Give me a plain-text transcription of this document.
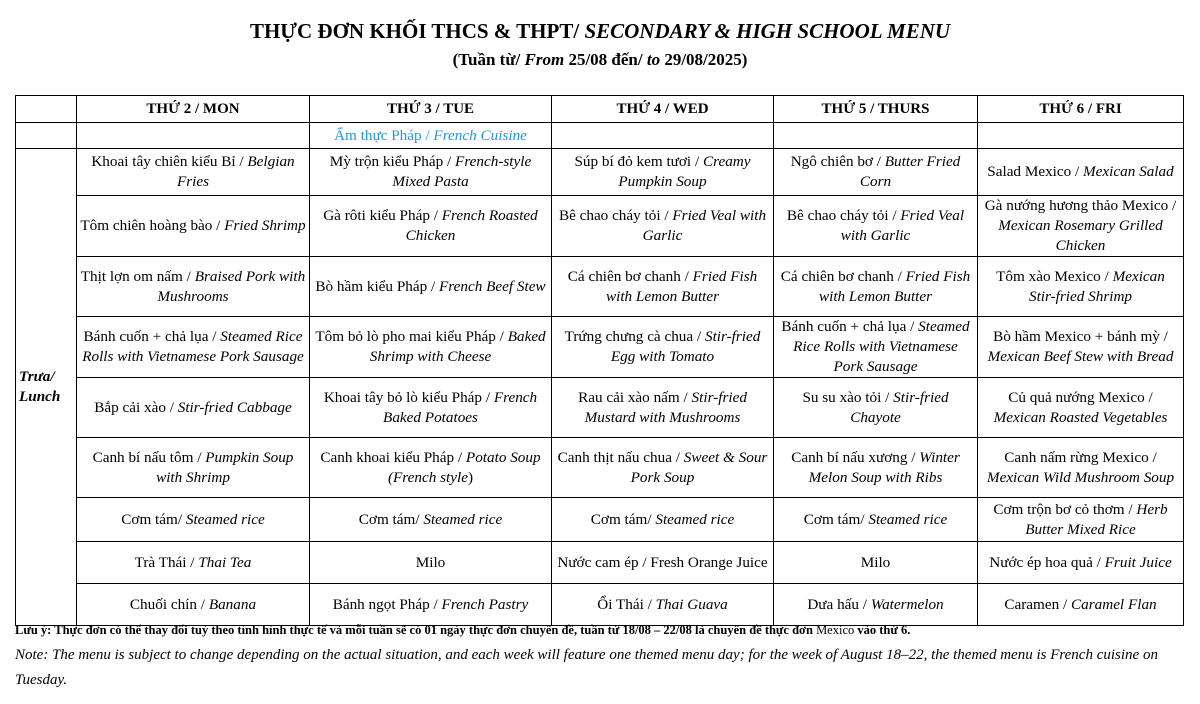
THỰC ĐƠN KHỐI THCS & THPT/ SECONDARY & HIGH SCHOOL MENU
(Tuần từ/ From 25/08 đến/ to 29/08/2025)
	THỨ 2 / MON	THỨ 3 / TUE	THỨ 4 / WED	THỨ 5 / THURS	THỨ 6 / FRI
		Ẩm thực Pháp / French Cuisine			

Trưa/
Lunch	Khoai tây chiên kiểu Bỉ / Belgian Fries	Mỳ trộn kiểu Pháp / French-style Mixed Pasta	Súp bí đỏ kem tươi / Creamy Pumpkin Soup	Ngô chiên bơ / Butter Fried Corn	Salad Mexico / Mexican Salad
	Tôm chiên hoàng bào / Fried Shrimp	Gà rôti kiểu Pháp / French Roasted Chicken	Bê chao cháy tỏi / Fried Veal with Garlic	Bê chao cháy tỏi / Fried Veal with Garlic	Gà nướng hương thảo Mexico / Mexican Rosemary Grilled Chicken
	Thịt lợn om nấm / Braised Pork with Mushrooms	Bò hầm kiểu Pháp / French Beef Stew	Cá chiên bơ chanh / Fried Fish with Lemon Butter	Cá chiên bơ chanh / Fried Fish with Lemon Butter	Tôm xào Mexico / Mexican Stir-fried Shrimp
	Bánh cuốn + chả lụa / Steamed Rice Rolls with Vietnamese Pork Sausage	Tôm bỏ lò pho mai kiểu Pháp / Baked Shrimp with Cheese	Trứng chưng cà chua / Stir-fried Egg with Tomato	Bánh cuốn + chả lụa / Steamed Rice Rolls with Vietnamese Pork Sausage	Bò hầm Mexico + bánh mỳ / Mexican Beef Stew with Bread
	Bắp cải xào / Stir-fried Cabbage	Khoai tây bỏ lò kiểu Pháp / French Baked Potatoes	Rau cải xào nấm / Stir-fried Mustard with Mushrooms	Su su xào tỏi / Stir-fried Chayote	Củ quả nướng Mexico / Mexican Roasted Vegetables
	Canh bí nấu tôm / Pumpkin Soup with Shrimp	Canh khoai kiểu Pháp / Potato Soup (French style)	Canh thịt nấu chua / Sweet & Sour Pork Soup	Canh bí nấu xương / Winter Melon Soup with Ribs	Canh nấm rừng Mexico / Mexican Wild Mushroom Soup
	Cơm tám/ Steamed rice	Cơm tám/ Steamed rice	Cơm tám/ Steamed rice	Cơm tám/ Steamed rice	Cơm trộn bơ cỏ thơm / Herb Butter Mixed Rice
	Trà Thái / Thai Tea	Milo	Nước cam ép / Fresh Orange Juice	Milo	Nước ép hoa quả / Fruit Juice
	Chuối chín / Banana	Bánh ngọt Pháp / French Pastry	Ổi Thái / Thai Guava	Dưa hấu / Watermelon	Caramen / Caramel Flan
Lưu ý: Thực đơn có thể thay đổi tuỳ theo tình hình thực tế và mỗi tuần sẽ có 01 ngày thực đơn chuyên đề, tuần từ 18/08 – 22/08 là chuyên đề thực đơn Mexico vào thứ 6.
Note: The menu is subject to change depending on the actual situation, and each week will feature one themed menu day; for the week of August 18–22, the themed menu is French cuisine on Tuesday.
